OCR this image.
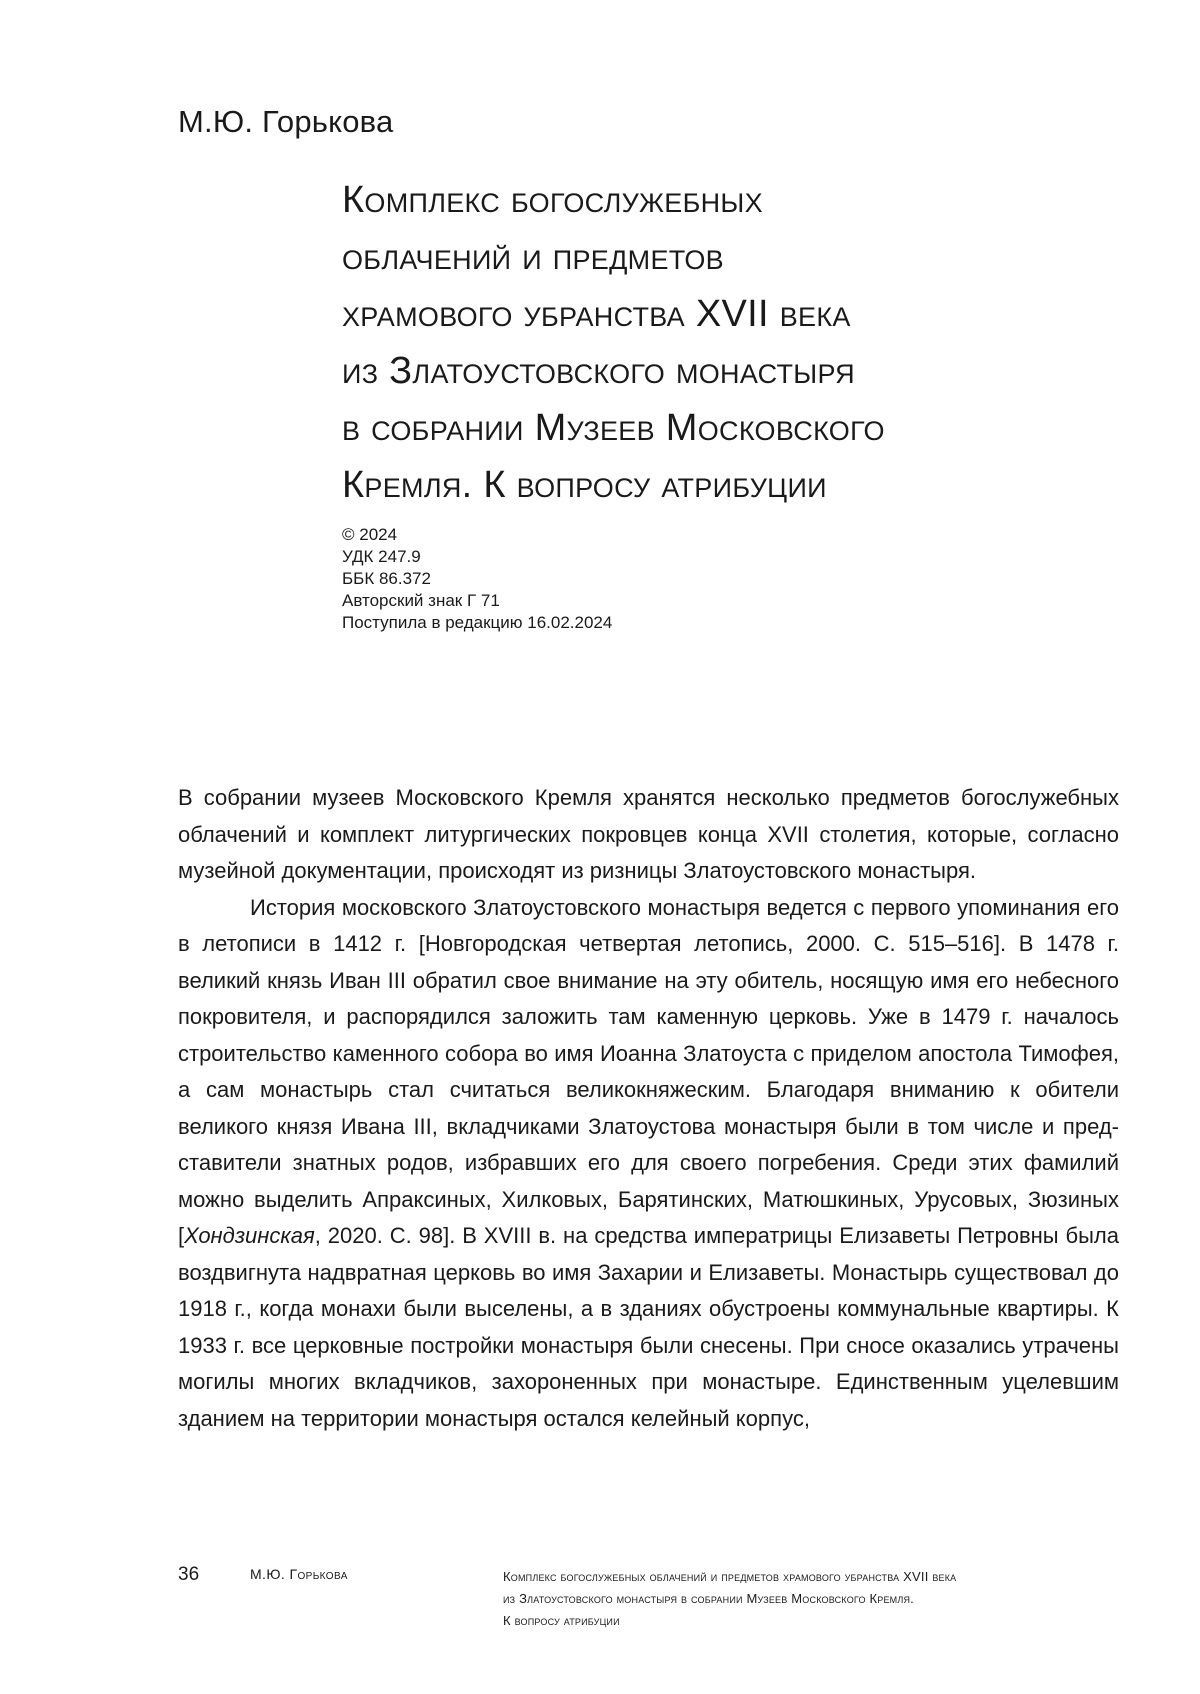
М.Ю. Горькова
Комплекс богослужебных
облачений и предметов
храмового убранства XVII века
из Златоустовского монастыря
в собрании Музеев Московского
Кремля. К вопросу атрибуции
© 2024
УДК 247.9
ББК 86.372
Авторский знак Г 71
Поступила в редакцию 16.02.2024

В собрании музеев Московского Кремля хранятся несколько предметов богослужебных облачений и комплект литургических покровцев конца XVII столетия, которые, согласно музейной документации, происходят из ризницы Златоустовского монастыря.

История московского Златоустовского монастыря ведется с первого упоминания его в летописи в 1412 г. [Новгородская четвертая летопись, 2000. С. 515–516]. В 1478 г. великий князь Иван III обратил свое внимание на эту обитель, носящую имя его небесного покровителя, и распорядился заложить там каменную церковь. Уже в 1479 г. началось строительство каменного собора во имя Иоанна Златоуста с приделом апостола Тимофея, а сам монастырь стал считаться великокняжеским. Благодаря вниманию к обители великого князя Ивана III, вкладчиками Златоустова монастыря были в том числе и представители знатных родов, избравших его для своего погребения. Среди этих фамилий можно выделить Апраксиных, Хилковых, Барятинских, Матюшкиных, Урусовых, Зюзиных [Хондзинская, 2020. С. 98]. В XVIII в. на средства императрицы Елизаветы Петровны была воздвигнута надвратная церковь во имя Захарии и Елизаветы. Монастырь существовал до 1918 г., когда монахи были выселены, а в зданиях обустроены коммунальные квартиры. К 1933 г. все церковные постройки монастыря были снесены. При сносе оказались утрачены могилы многих вкладчиков, захороненных при монастыре. Единственным уцелевшим зданием на территории монастыря остался келейный корпус,

36	М.Ю. Горькова	Комплекс богослужебных облачений и предметов храмового убранства XVII века
из Златоустовского монастыря в собрании Музеев Московского Кремля.
К вопросу атрибуции
